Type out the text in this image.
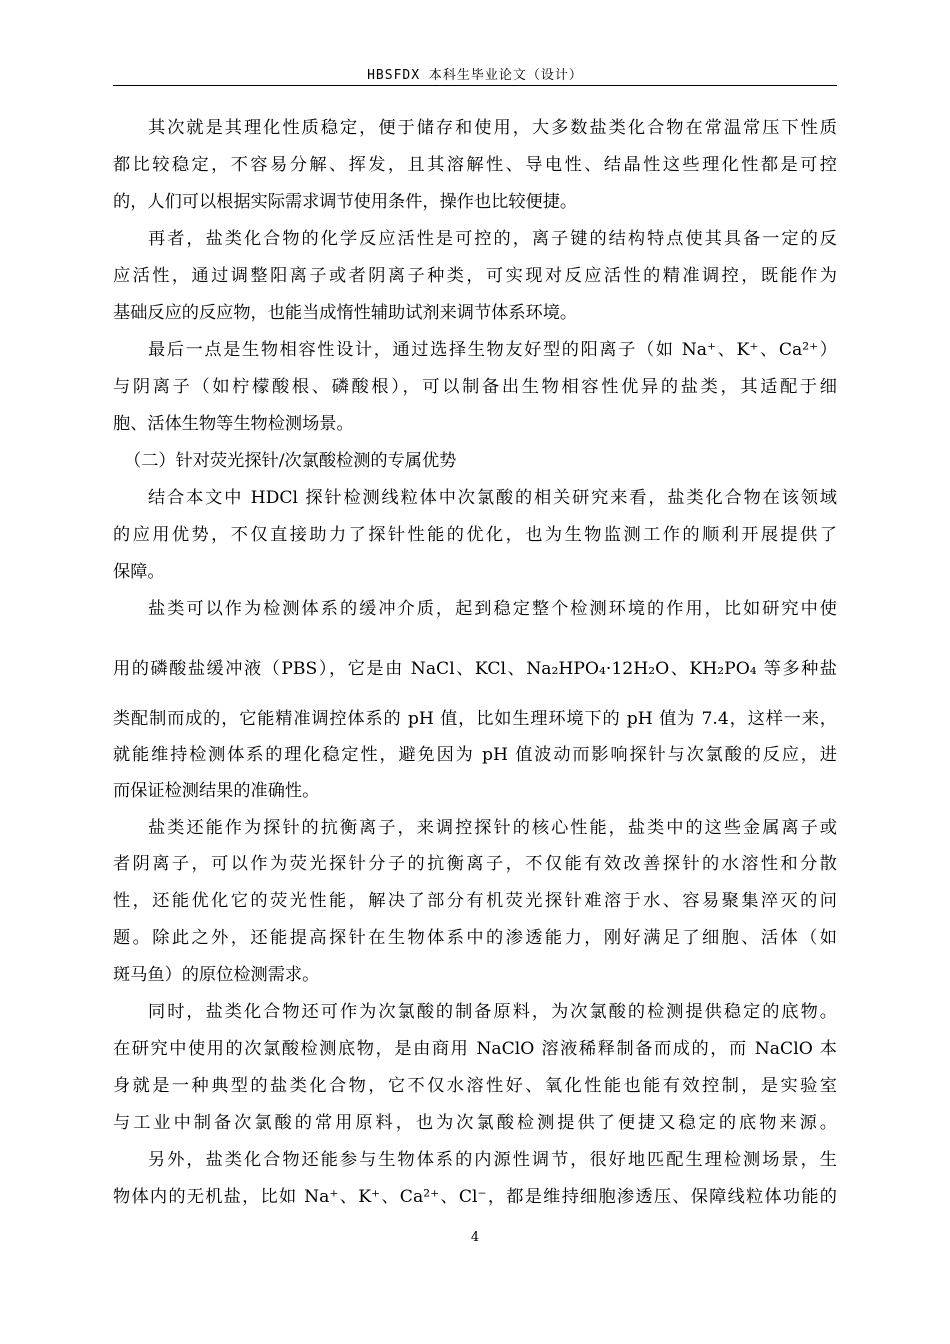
HBSFDX 本科生毕业论文（设计）
其次就是其理化性质稳定，便于储存和使用，大多数盐类化合物在常温常压下性质
都比较稳定，不容易分解、挥发，且其溶解性、导电性、结晶性这些理化性都是可控
的，人们可以根据实际需求调节使用条件，操作也比较便捷。
再者，盐类化合物的化学反应活性是可控的，离子键的结构特点使其具备一定的反
应活性，通过调整阳离子或者阴离子种类，可实现对反应活性的精准调控，既能作为
基础反应的反应物，也能当成惰性辅助试剂来调节体系环境。
最后一点是生物相容性设计，通过选择生物友好型的阳离子（如 Na⁺、K⁺、Ca²⁺）
与阴离子（如柠檬酸根、磷酸根），可以制备出生物相容性优异的盐类，其适配于细
胞、活体生物等生物检测场景。
（二）针对荧光探针/次氯酸检测的专属优势
结合本文中 HDCl 探针检测线粒体中次氯酸的相关研究来看，盐类化合物在该领域
的应用优势，不仅直接助力了探针性能的优化，也为生物监测工作的顺利开展提供了
保障。
盐类可以作为检测体系的缓冲介质，起到稳定整个检测环境的作用，比如研究中使
用的磷酸盐缓冲液（PBS），它是由 NaCl、KCl、Na₂HPO₄·12H₂O、KH₂PO₄ 等多种盐
类配制而成的，它能精准调控体系的 pH 值，比如生理环境下的 pH 值为 7.4，这样一来，
就能维持检测体系的理化稳定性，避免因为 pH 值波动而影响探针与次氯酸的反应，进
而保证检测结果的准确性。
盐类还能作为探针的抗衡离子，来调控探针的核心性能，盐类中的这些金属离子或
者阴离子，可以作为荧光探针分子的抗衡离子，不仅能有效改善探针的水溶性和分散
性，还能优化它的荧光性能，解决了部分有机荧光探针难溶于水、容易聚集淬灭的问
题。除此之外，还能提高探针在生物体系中的渗透能力，刚好满足了细胞、活体（如
斑马鱼）的原位检测需求。
同时，盐类化合物还可作为次氯酸的制备原料，为次氯酸的检测提供稳定的底物。
在研究中使用的次氯酸检测底物，是由商用 NaClO 溶液稀释制备而成的，而 NaClO 本
身就是一种典型的盐类化合物，它不仅水溶性好、氧化性能也能有效控制，是实验室
与工业中制备次氯酸的常用原料，也为次氯酸检测提供了便捷又稳定的底物来源。
另外，盐类化合物还能参与生物体系的内源性调节，很好地匹配生理检测场景，生
物体内的无机盐，比如 Na⁺、K⁺、Ca²⁺、Cl⁻，都是维持细胞渗透压、保障线粒体功能的
4
